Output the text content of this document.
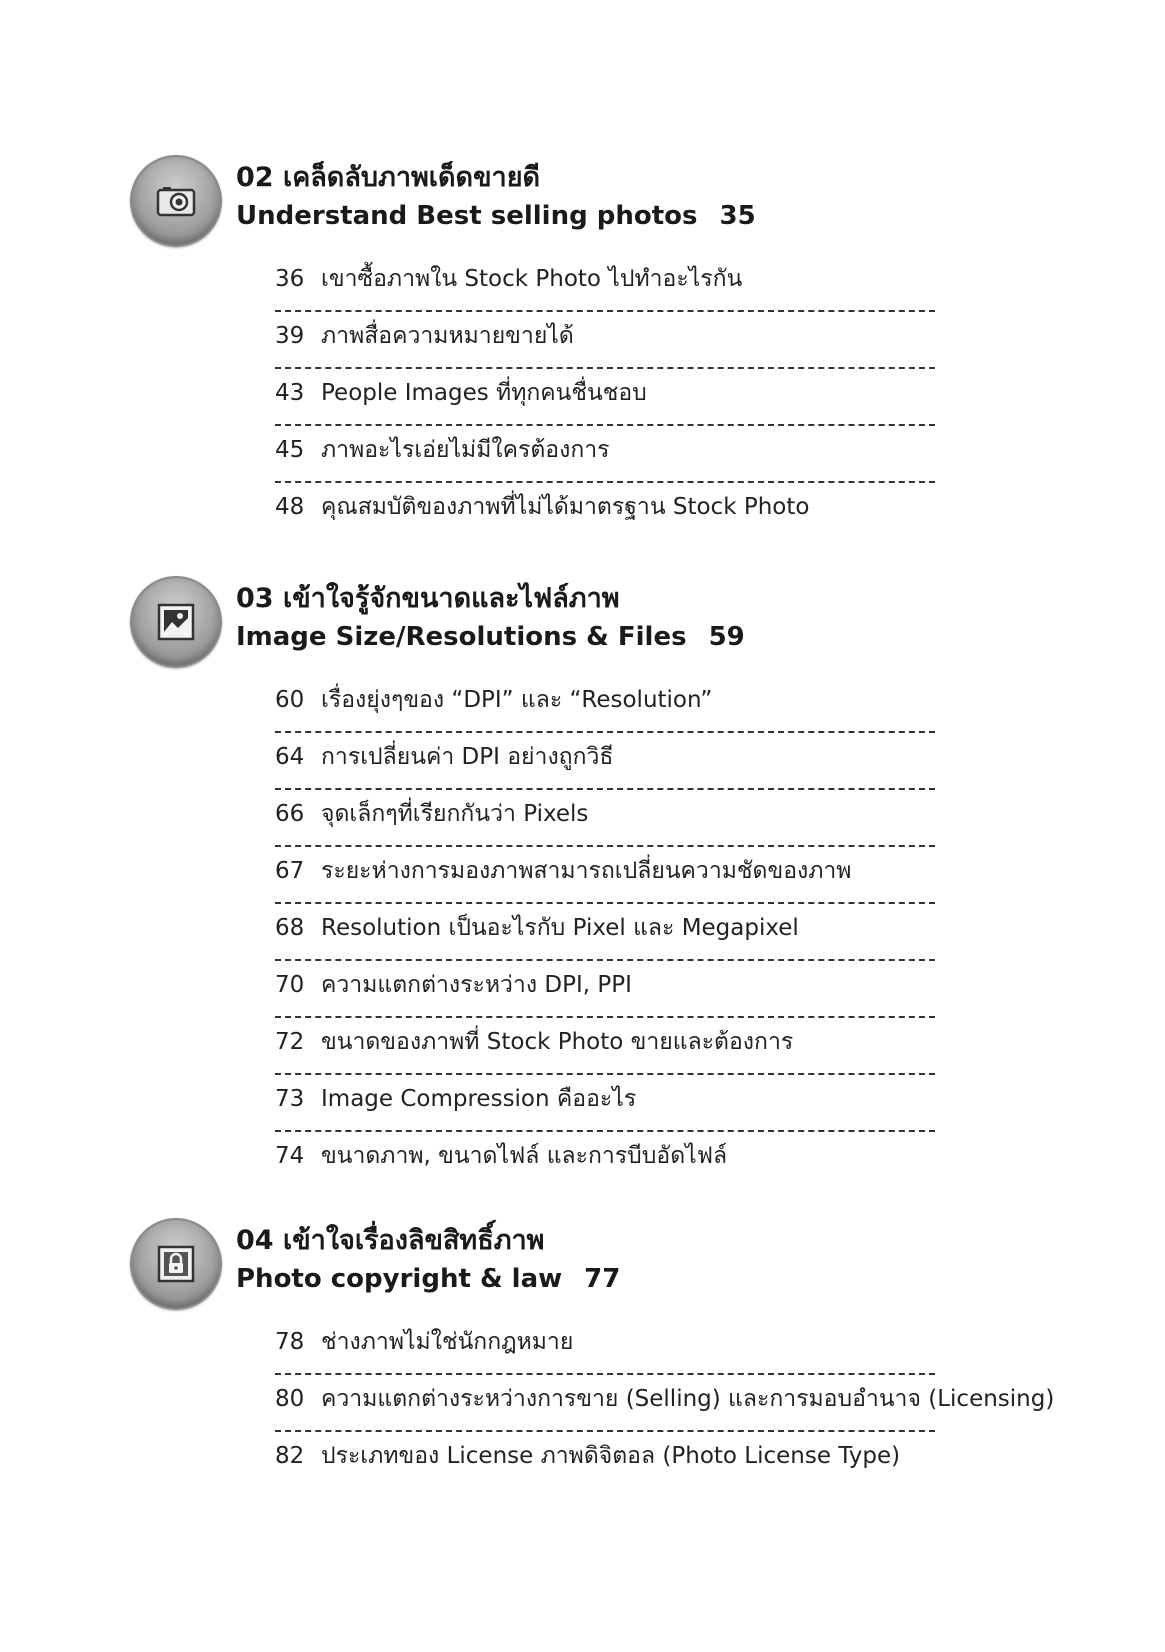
02 เคล็ดลับภาพเด็ดขายดี
Understand Best selling photos 35
36 เขาซื้อภาพใน Stock Photo ไปทำอะไรกัน
39 ภาพสื่อความหมายขายได้
43 People Images ที่ทุกคนชื่นชอบ
45 ภาพอะไรเอ่ยไม่มีใครต้องการ
48 คุณสมบัติของภาพที่ไม่ได้มาตรฐาน Stock Photo
03 เข้าใจรู้จักขนาดและไฟล์ภาพ
Image Size/Resolutions & Files 59
60 เรื่องยุ่งๆของ “DPI” และ “Resolution”
64 การเปลี่ยนค่า DPI อย่างถูกวิธี
66 จุดเล็กๆที่เรียกกันว่า Pixels
67 ระยะห่างการมองภาพสามารถเปลี่ยนความชัดของภาพ
68 Resolution เป็นอะไรกับ Pixel และ Megapixel
70 ความแตกต่างระหว่าง DPI, PPI
72 ขนาดของภาพที่ Stock Photo ขายและต้องการ
73 Image Compression คืออะไร
74 ขนาดภาพ, ขนาดไฟล์ และการบีบอัดไฟล์
04 เข้าใจเรื่องลิขสิทธิ์ภาพ
Photo copyright & law 77
78 ช่างภาพไม่ใช่นักกฎหมาย
80 ความแตกต่างระหว่างการขาย (Selling) และการมอบอำนาจ (Licensing)
82 ประเภทของ License ภาพดิจิตอล (Photo License Type)
